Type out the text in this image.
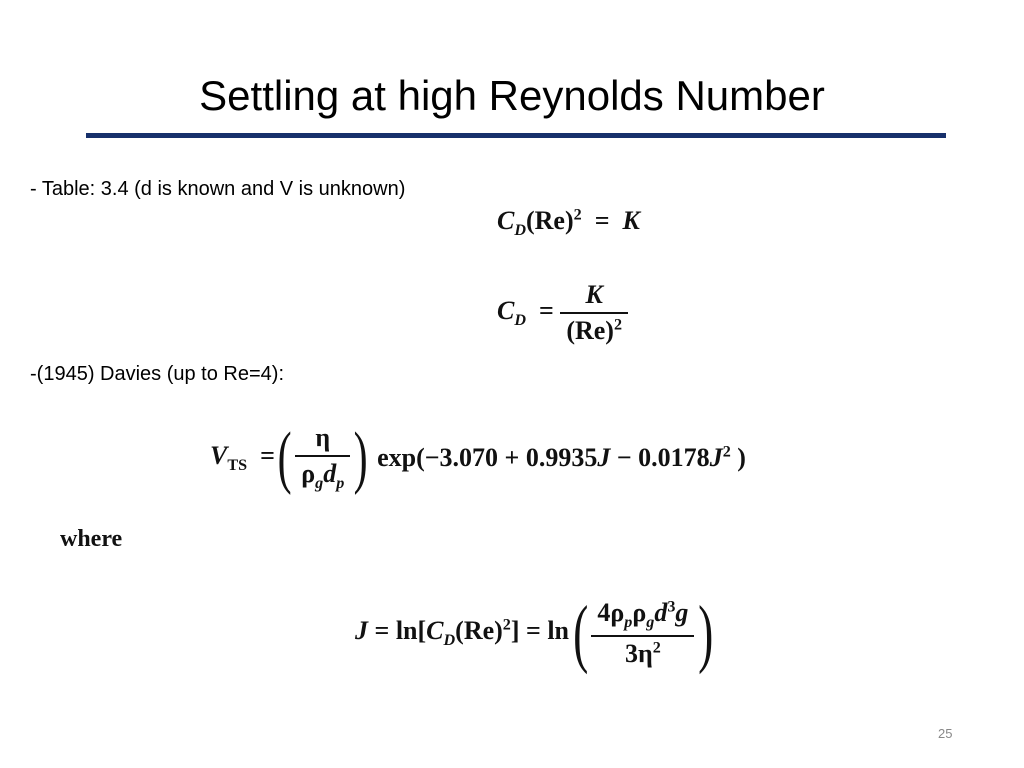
Settling at high Reynolds Number
- Table: 3.4 (d is known and V is unknown)
$C_D(Re)^2 = K$
$C_D = \frac{K}{(Re)^2}$
-(1945) Davies (up to Re=4):
$V_{TS}$  = ( $\frac{\eta}{\rho_gd_p}$ )  $\exp(-3.070 + 0.9935J - 0.0178J^2$ )
where
$J = \ln[C_D(Re)^2] = \ln$ ( $\frac{4\rho_p\rho_gd^3g}{3\eta^2}$ )
25
